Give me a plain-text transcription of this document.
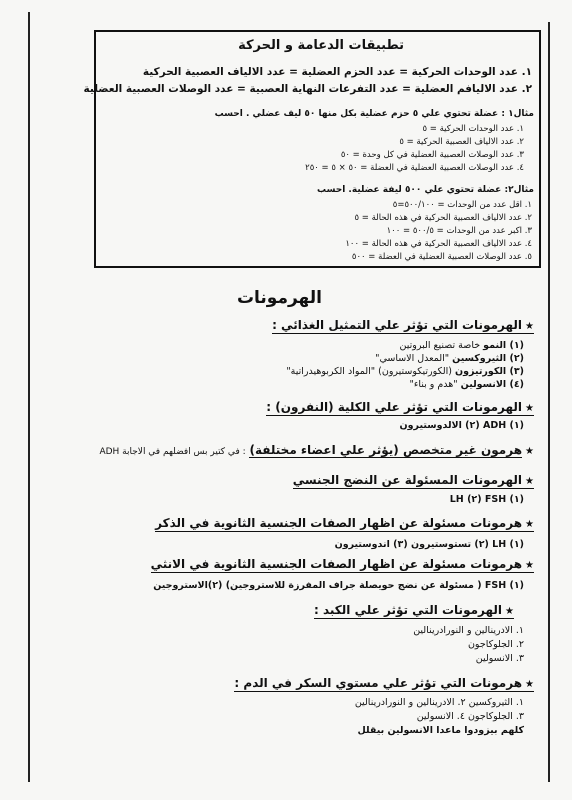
تطبيقات الدعامة و الحركة
١. عدد الوحدات الحركية = عدد الحزم العضلية = عدد الالياف العصبية الحركية
٢. عدد الاليافم العضلية = عدد التفرعات النهاية العصبية = عدد الوصلات العصبية العضلية
مثال١ : عضلة تحتوي علي ٥ حزم عضلية بكل منها ٥٠ ليف عضلي . احسب
١. عدد الوحدات الحركية = ٥
٢. عدد الالياف العصبية الحركية = ٥
٣. عدد الوصلات العصبية العضلية في كل وحدة = ٥٠
٤. عدد الوصلات العصبية العضلية في العضلة = ٥٠ × ٥ = ٢٥٠
مثال٢: عضلة تحتوي علي ٥٠٠ ليفة عضلية. احسب
١. اقل عدد من الوحدات = ٥٠٠/١٠٠=٥
٢. عدد الالياف العصبية الحركية في هذه الحالة = ٥
٣. اكبر عدد من الوحدات = ٥٠٠/٥ = ١٠٠
٤. عدد الالياف العصبية الحركية في هذه الحالة = ١٠٠
٥. عدد الوصلات العصبية العضلية في العضلة = ٥٠٠
الهرمونات
★الهرمونات التي تؤثر علي التمثيل الغذائي :
(١) النمو خاصة تصنيع البروتين
(٢) الثيروكسين "المعدل الاساسي"
(٣) الكورتيزون (الكورتيكوستيرون) "المواد الكربوهيدراتية"
(٤) الانسولين "هدم و بناء"
★الهرمونات التي تؤثر علي الكلية (النفرون) :
(١) ADH (٢) الالدوستيرون
★هرمون غير متخصص (يؤثر علي اعضاء مختلفة) : في كتير بس افضلهم في الاجابة ADH
★الهرمونات المسئولة عن النضج الجنسي
(١) FSH (٢) LH
★هرمونات مسئولة عن اظهار الصفات الجنسية الثانوية في الذكر
(١) LH (٢) تستوستيرون (٣) اندوستيرون
★هرمونات مسئولة عن اظهار الصفات الجنسية الثانوية في الانثي
(١) FSH ( مسئولة عن نضج حويصلة جراف المفرزة للاستروجين) (٢)الاستروجين
★الهرمونات التي تؤثر علي الكبد :
١. الادرينالين و النورادرينالين
٢. الجلوكاجون
٣. الانسولين
★هرمونات التي تؤثر علي مستوي السكر في الدم :
١. الثيروكسين ٢. الادرينالين و النورادرينالين
٣. الجلوكاجون ٤. الانسولين
كلهم بيزودوا ماعدا الانسولين بيقلل
